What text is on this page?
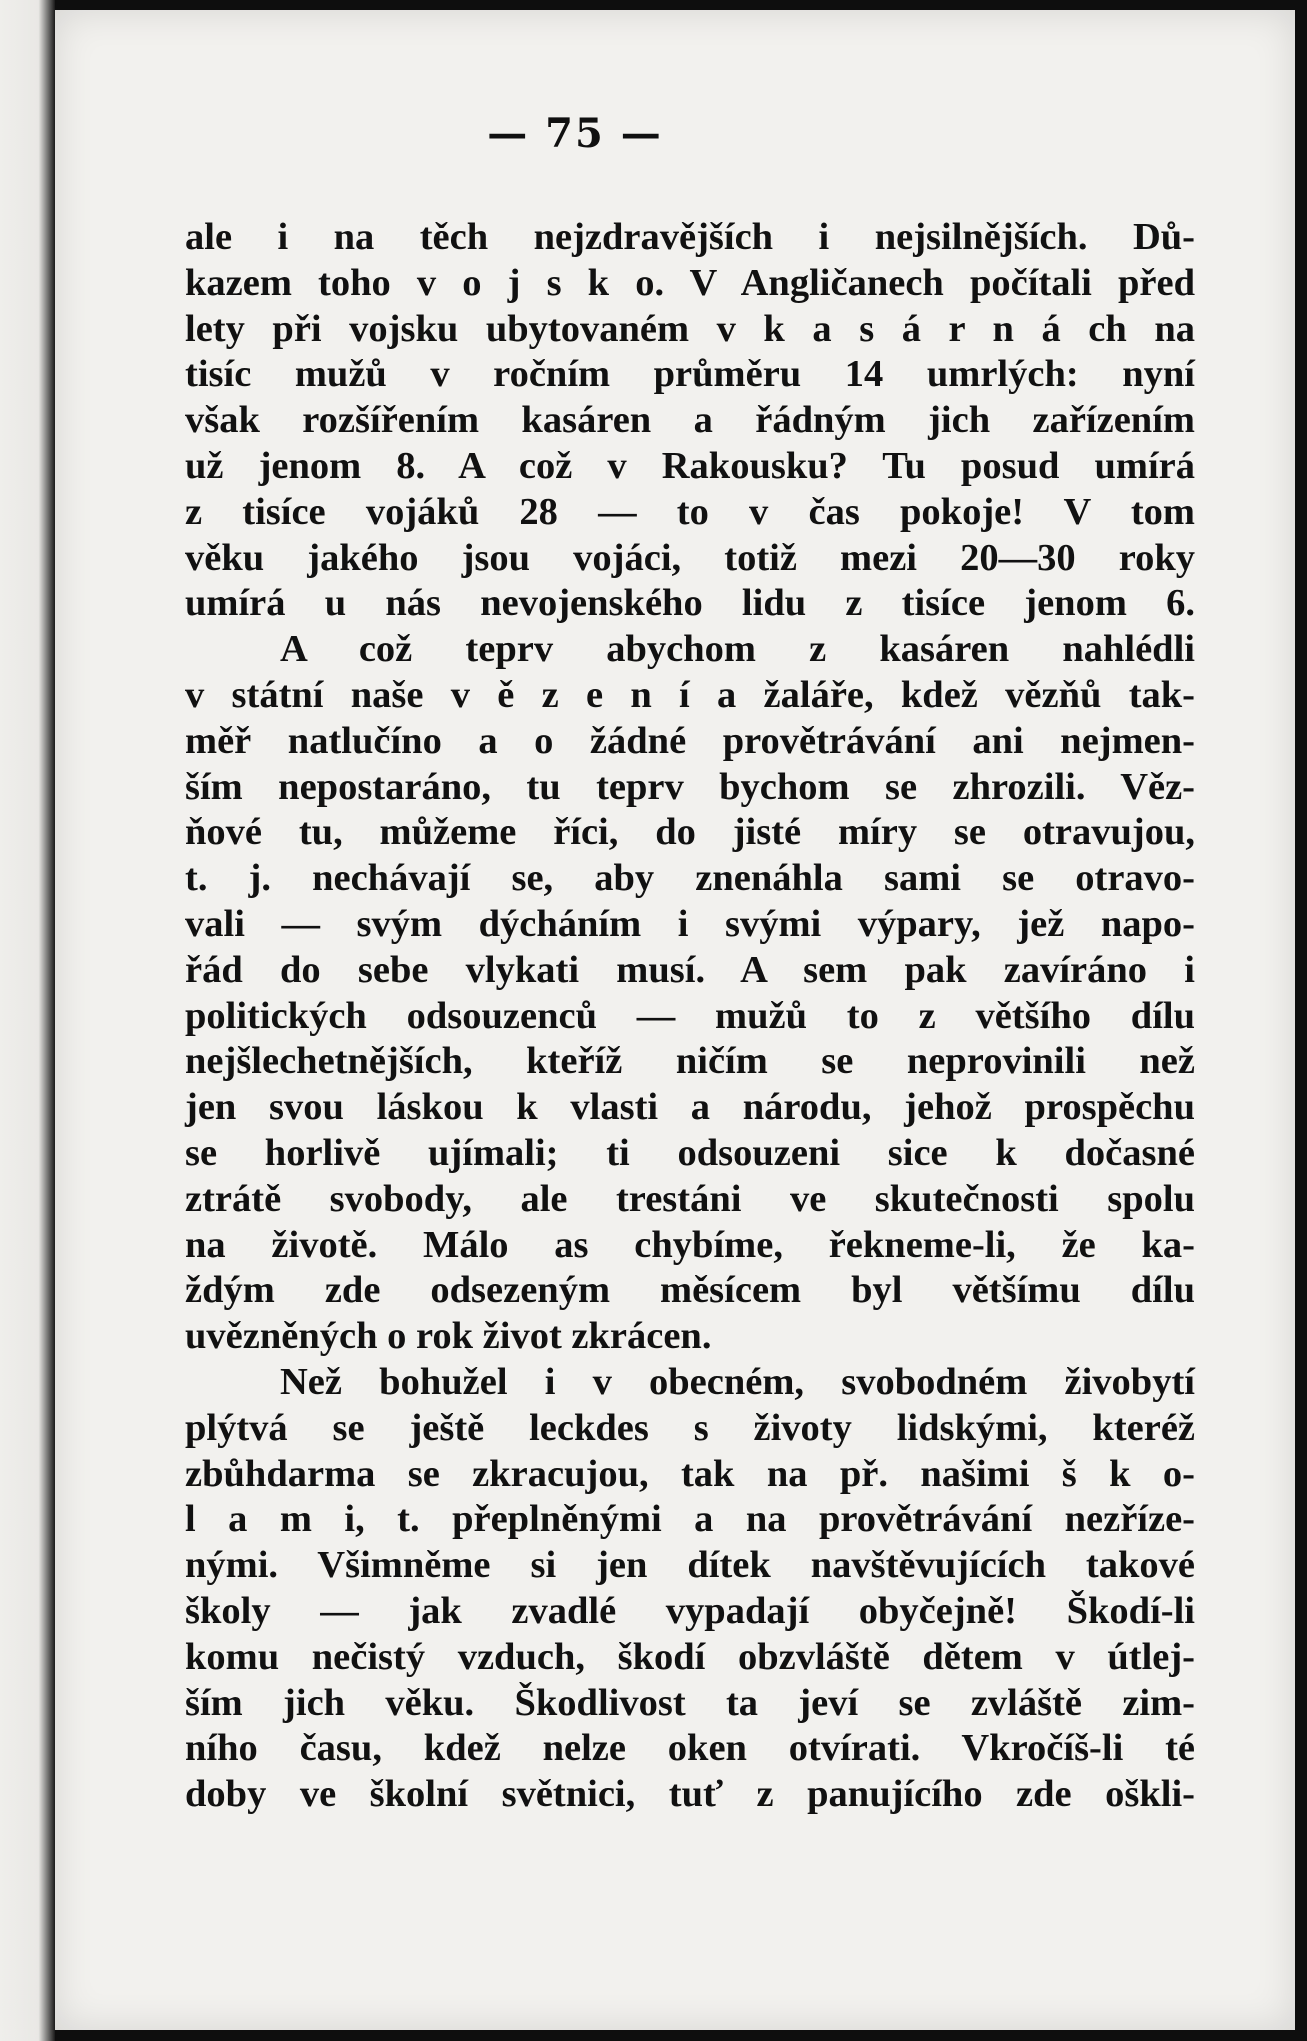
— 75 —
ale i na těch nejzdravějších i nejsilnějších. Dů-
kazem toho v o j s k o. V Angličanech počítali před
lety při vojsku ubytovaném v k a s á r n á ch na
tisíc mužů v ročním průměru 14 umrlých: nyní
však rozšířením kasáren a řádným jich zařízením
už jenom 8. A což v Rakousku? Tu posud umírá
z tisíce vojáků 28 — to v čas pokoje! V tom
věku jakého jsou vojáci, totiž mezi 20—30 roky
umírá u nás nevojenského lidu z tisíce jenom 6.
A což teprv abychom z kasáren nahlédli
v státní naše v ě z e n í a žaláře, kdež vězňů tak-
měř natlučíno a o žádné provětrávání ani nejmen-
ším nepostaráno, tu teprv bychom se zhrozili. Věz-
ňové tu, můžeme říci, do jisté míry se otravujou,
t. j. nechávají se, aby znenáhla sami se otravo-
vali — svým dýcháním i svými výpary, jež napo-
řád do sebe vlykati musí. A sem pak zavíráno i
politických odsouzenců — mužů to z většího dílu
nejšlechetnějších, kteříž ničím se neprovinili než
jen svou láskou k vlasti a národu, jehož prospěchu
se horlivě ujímali; ti odsouzeni sice k dočasné
ztrátě svobody, ale trestáni ve skutečnosti spolu
na životě. Málo as chybíme, řekneme-li, že ka-
ždým zde odsezeným měsícem byl většímu dílu
uvězněných o rok život zkrácen.
Než bohužel i v obecném, svobodném živobytí
plýtvá se ještě leckdes s životy lidskými, kteréž
zbůhdarma se zkracujou, tak na př. našimi š k o-
l a m i, t. přeplněnými a na provětrávání nezříze-
nými. Všimněme si jen dítek navštěvujících takové
školy — jak zvadlé vypadají obyčejně! Škodí-li
komu nečistý vzduch, škodí obzvláště dětem v útlej-
ším jich věku. Škodlivost ta jeví se zvláště zim-
ního času, kdež nelze oken otvírati. Vkročíš-li té
doby ve školní světnici, tuť z panujícího zde oškli-
